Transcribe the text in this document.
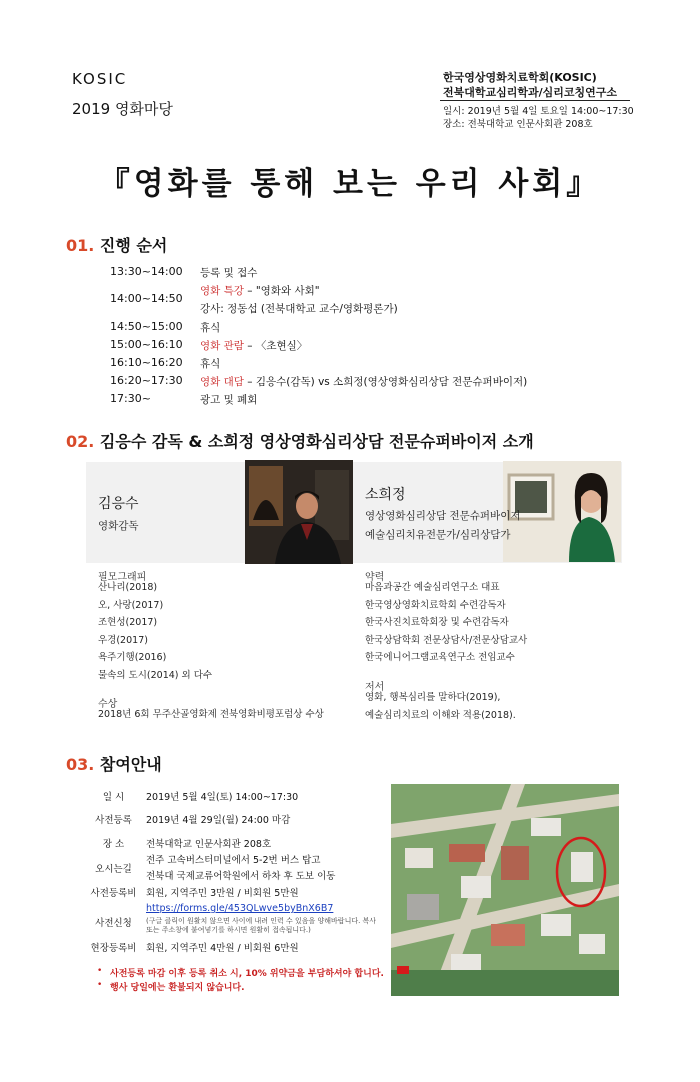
KOSIC
2019 영화마당
한국영상영화치료학회(KOSIC)
전북대학교심리학과/심리코칭연구소
일시: 2019년 5월 4일 토요일 14:00~17:30
장소: 전북대학교 인문사회관 208호
『영화를 통해 보는 우리 사회』
01. 진행 순서
13:30~14:00 등록 및 접수
14:00~14:50
영화 특강 – "영화와 사회"
강사: 정동섭 (전북대학교 교수/영화평론가)
14:50~15:00 휴식
15:00~16:10 영화 관람 – 〈초현실〉
16:10~16:20 휴식
16:20~17:30 영화 대담 – 김응수(감독) vs 소희정(영상영화심리상담 전문슈퍼바이저)
17:30~	광고 및 폐회
02. 김응수 감독 & 소희정 영상영화심리상담 전문슈퍼바이저 소개
김응수
영화감독
필모그래피
산나리(2018)
오, 사랑(2017)
조현성(2017)
우경(2017)
욕주기행(2016)
물속의 도시(2014) 외 다수
수상
2018년 6회 무주산골영화제 전북영화비평포럼상 수상
소희정
영상영화심리상담 전문슈퍼바이저
예술심리치유전문가/심리상담가
약력
마음과공간 예술심리연구소 대표
한국영상영화치료학회 수련감독자
한국사진치료학회장 및 수련감독자
한국상담학회 전문상담사/전문상담교사
한국에니어그램교육연구소 전임교수
저서
영화, 행복심리를 말하다(2019),
예술심리치료의 이해와 적용(2018).
03. 참여안내
일 시	2019년 5월 4일(토) 14:00~17:30
사전등록	2019년 4월 29일(월) 24:00 마감
장 소	전북대학교 인문사회관 208호
오시는길
전주 고속버스터미널에서 5-2번 버스 탑고
전북대 국제교류어학원에서 하차 후 도보 이동
사전등록비	회원, 지역주민 3만원 / 비회원 5만원
사전신청
https://forms.gle/453QLwve5byBnX6B7
(구글 클릭이 원활치 않으면 사이에 내려 인력 수 있음을 양해바랍니다. 복사
또는 주소창에 붙여넣기를 하시면 원활히 접속됩니다.)
현장등록비	회원, 지역주민 4만원 / 비회원 6만원
• 사전등록 마감 이후 등록 취소 시, 10% 위약금을 부담하셔야 합니다.
• 행사 당일에는 환불되지 않습니다.
